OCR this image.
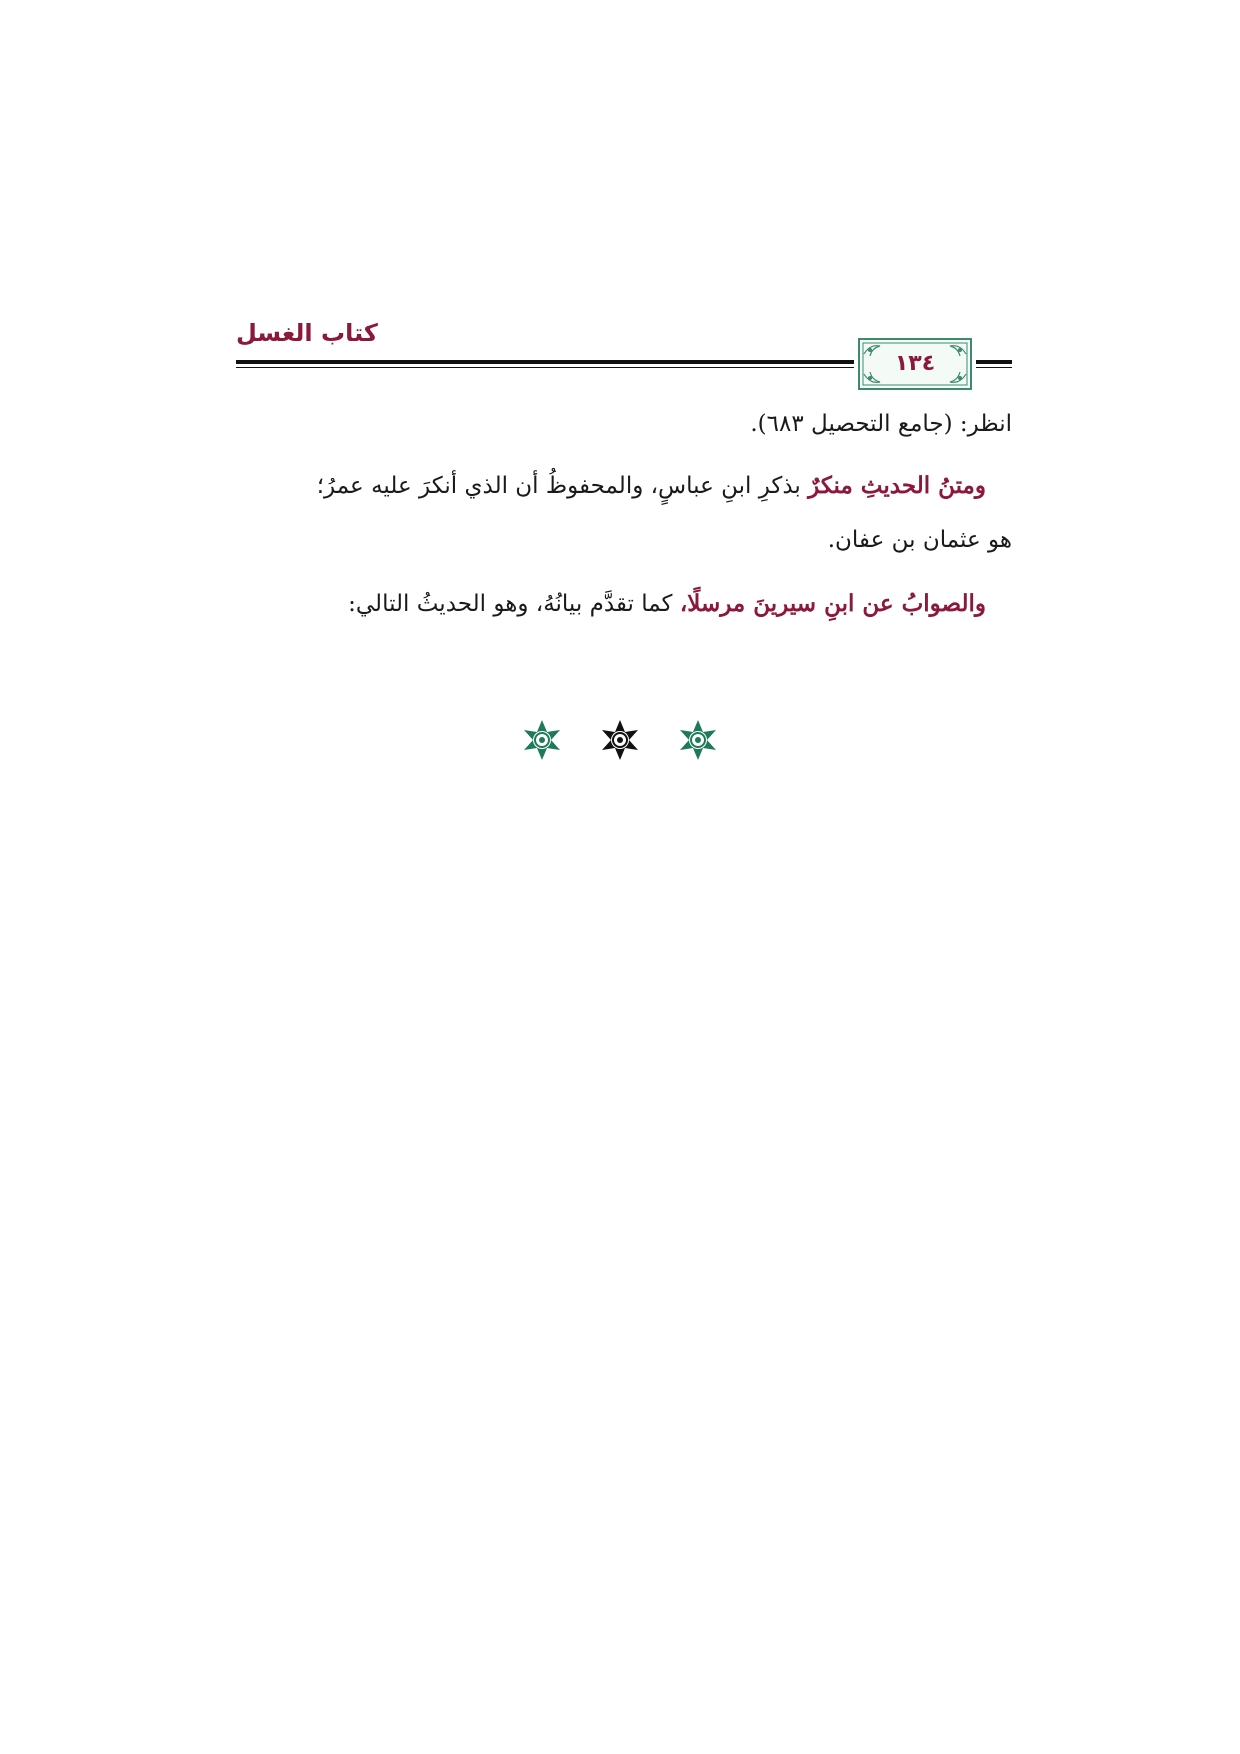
كتاب الغسل
١٣٤
انظر: (جامع التحصيل ٦٨٣).
ومتنُ الحديثِ منكرٌ بذكرِ ابنِ عباسٍ، والمحفوظُ أن الذي أنكرَ عليه عمرُ؛
هو عثمان بن عفان.
والصوابُ عن ابنِ سيرينَ مرسلًا، كما تقدَّم بيانُهُ، وهو الحديثُ التالي:
